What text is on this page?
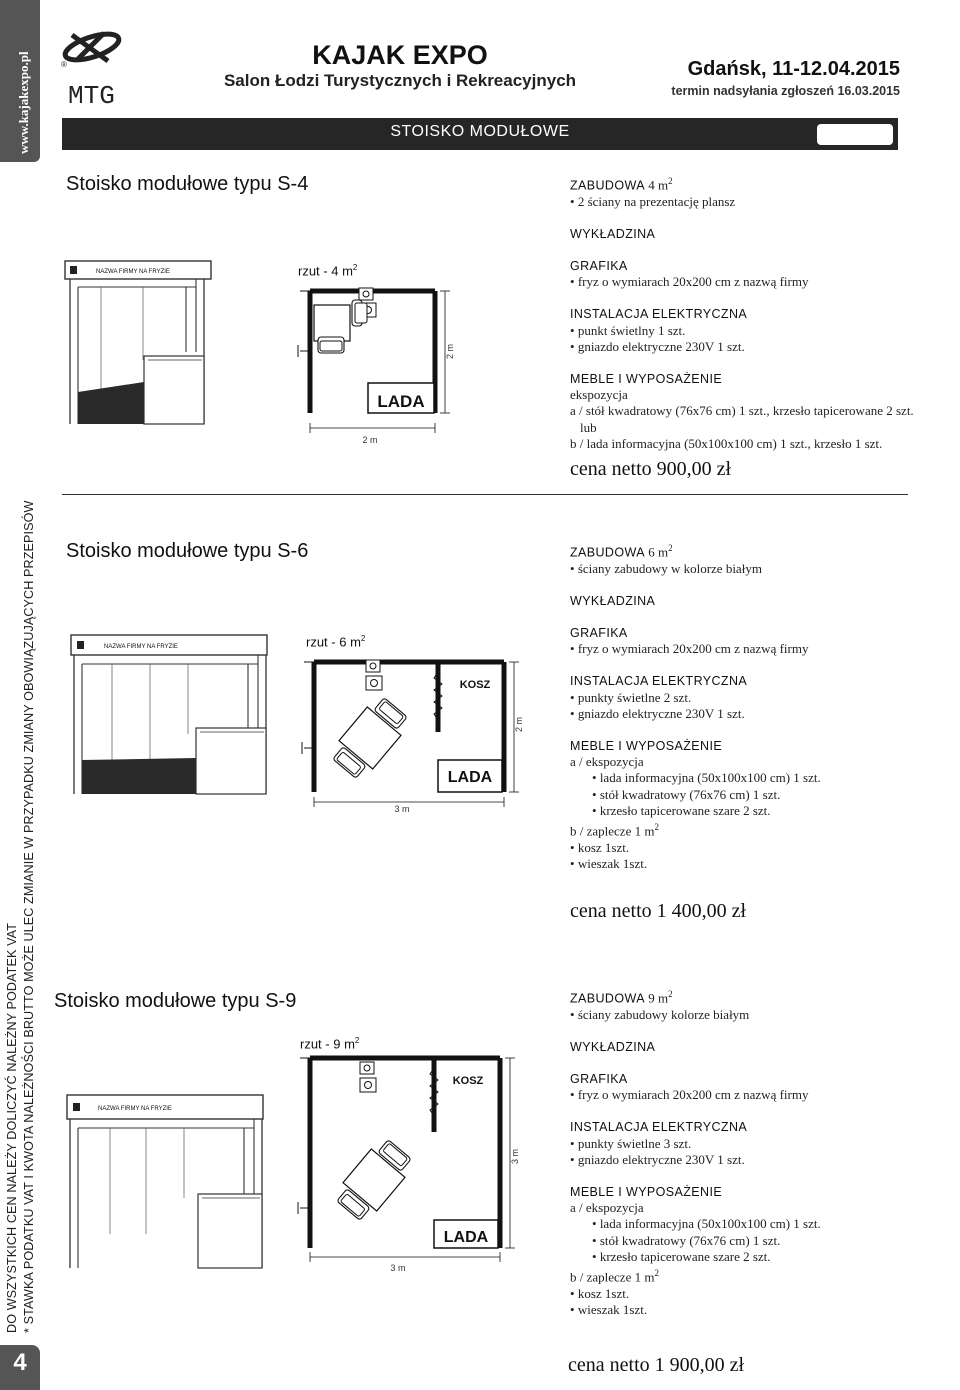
www.kajakexpo.pl
DO WSZYSTKICH CEN NALEŻY DOLICZYĆ NALEŻNY PODATEK VAT * STAWKA PODATKU VAT I KWOTA NALEŻNOŚCI BRUTTO MOŻE ULEC ZMIANIE W PRZYPADKU ZMIANY OBOWIĄZUJĄCYCH PRZEPISÓW
4
®
MTG
KAJAK EXPO
Salon Łodzi Turystycznych i Rekreacyjnych
Gdańsk, 11-12.04.2015
termin nadsyłania zgłoszeń 16.03.2015
STOISKO MODUŁOWE
Stoisko modułowe typu S-4
NAZWA FIRMY NA FRYZIE	rzut - 4 $m^2$
LADA
2 m
2 m
ZABUDOWA 4 $m^2$
• 2 ściany na prezentację plansz
WYKŁADZINA
GRAFIKA
• fryz o wymiarach 20x200 cm z nazwą firmy
INSTALACJA ELEKTRYCZNA
• punkt świetlny 1 szt.
• gniazdo elektryczne 230V 1 szt.
MEBLE I WYPOSAŻENIE
ekspozycja
a / stół kwadratowy (76x76 cm) 1 szt., krzesło tapicerowane 2 szt.
lub
b / lada informacyjna (50x100x100 cm) 1 szt., krzesło 1 szt.
cena netto 900,00 zł
Stoisko modułowe typu S-6
NAZWA FIRMY NA FRYZIE	rzut - 6 $m^2$
KOSZ
LADA
3 m
2 m
ZABUDOWA 6 $m^2$
• ściany zabudowy w kolorze białym
WYKŁADZINA
GRAFIKA
• fryz o wymiarach 20x200 cm z nazwą firmy
INSTALACJA ELEKTRYCZNA
• punkty świetlne 2 szt.
• gniazdo elektryczne 230V 1 szt.
MEBLE I WYPOSAŻENIE
a / ekspozycja
• lada informacyjna (50x100x100 cm) 1 szt.
• stół kwadratowy (76x76 cm) 1 szt.
• krzesło tapicerowane szare 2 szt.
b / zaplecze 1 $m^2$
• kosz 1szt.
• wieszak 1szt.
cena netto 1 400,00 zł
Stoisko modułowe typu S-9
NAZWA FIRMY NA FRYZIE
rzut - 9 $m^2$
KOSZ
LADA
3 m
3 m
ZABUDOWA 9 $m^2$
• ściany zabudowy kolorze białym
WYKŁADZINA
GRAFIKA
• fryz o wymiarach 20x200 cm z nazwą firmy
INSTALACJA ELEKTRYCZNA
• punkty świetlne 3 szt.
• gniazdo elektryczne 230V 1 szt.
MEBLE I WYPOSAŻENIE
a / ekspozycja
• lada informacyjna (50x100x100 cm) 1 szt.
• stół kwadratowy (76x76 cm) 1 szt.
• krzesło tapicerowane szare 2 szt.
b / zaplecze 1 $m^2$
• kosz 1szt.
• wieszak 1szt.
cena netto 1 900,00 zł
